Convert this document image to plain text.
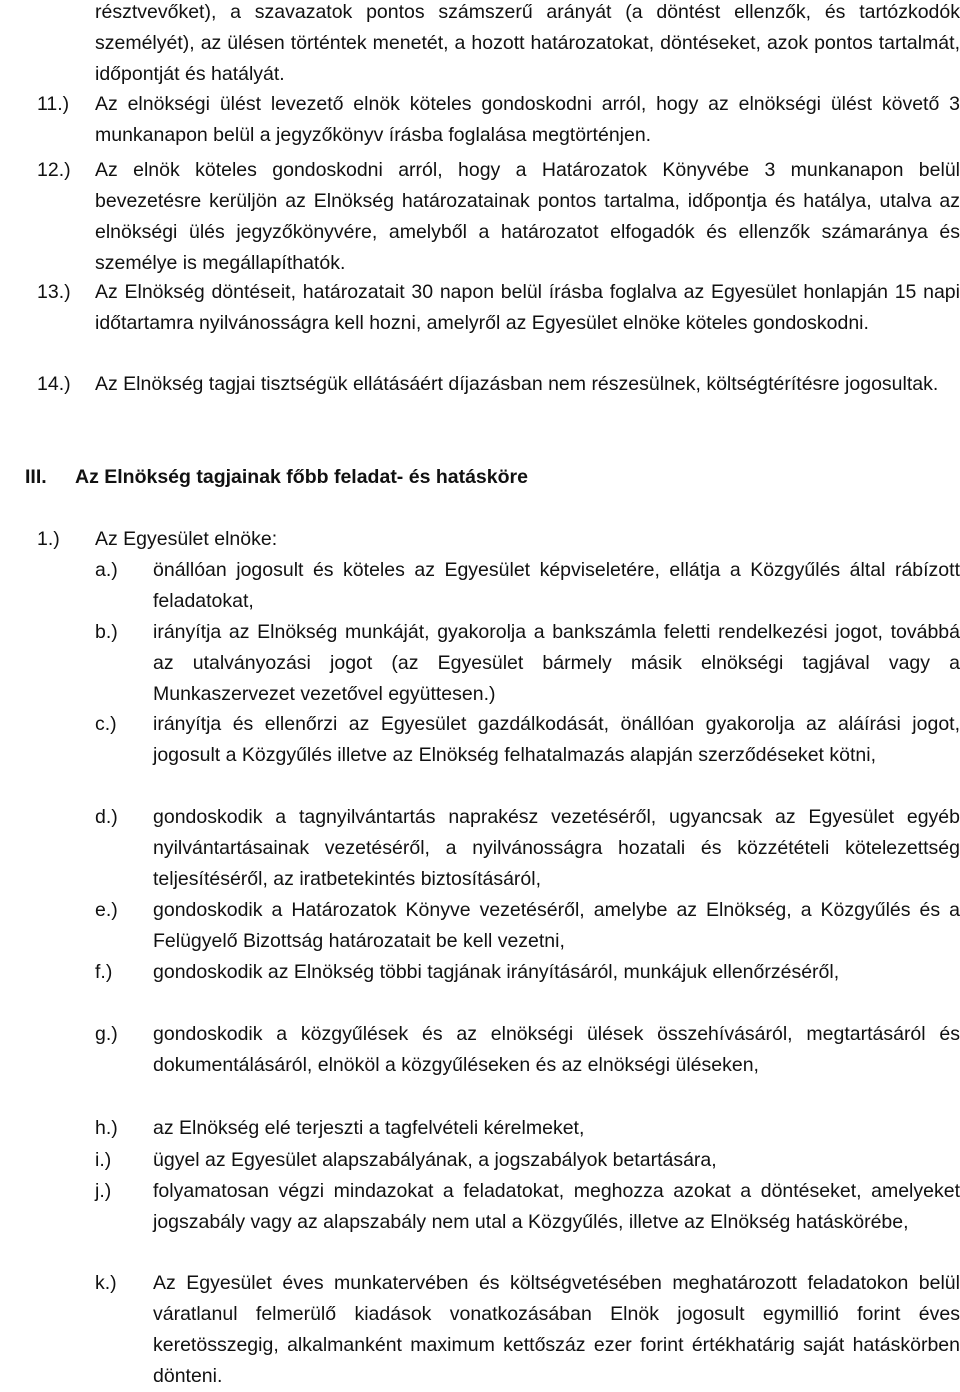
résztvevőket), a szavazatok pontos számszerű arányát (a döntést ellenzők, és tartózkodók személyét), az ülésen történtek menetét, a hozott határozatokat, döntéseket, azok pontos tartalmát, időpontját és hatályát.
11.) Az elnökségi ülést levezető elnök köteles gondoskodni arról, hogy az elnökségi ülést követő 3 munkanapon belül a jegyzőkönyv írásba foglalása megtörténjen.
12.) Az elnök köteles gondoskodni arról, hogy a Határozatok Könyvébe 3 munkanapon belül bevezetésre kerüljön az Elnökség határozatainak pontos tartalma, időpontja és hatálya, utalva az elnökségi ülés jegyzőkönyvére, amelyből a határozatot elfogadók és ellenzők számaránya és személye is megállapíthatók.
13.) Az Elnökség döntéseit, határozatait 30 napon belül írásba foglalva az Egyesület honlapján 15 napi időtartamra nyilvánosságra kell hozni, amelyről az Egyesület elnöke köteles gondoskodni.
14.) Az Elnökség tagjai tisztségük ellátásáért díjazásban nem részesülnek, költségtérítésre jogosultak.
III. Az Elnökség tagjainak főbb feladat- és hatásköre
1.) Az Egyesület elnöke:
a.) önállóan jogosult és köteles az Egyesület képviseletére, ellátja a Közgyűlés által rábízott feladatokat,
b.) irányítja az Elnökség munkáját, gyakorolja a bankszámla feletti rendelkezési jogot, továbbá az utalványozási jogot (az Egyesület bármely másik elnökségi tagjával vagy a Munkaszervezet vezetővel együttesen.)
c.) irányítja és ellenőrzi az Egyesület gazdálkodását, önállóan gyakorolja az aláírási jogot, jogosult a Közgyűlés illetve az Elnökség felhatalmazás alapján szerződéseket kötni,
d.) gondoskodik a tagnyilvántartás naprakész vezetéséről, ugyancsak az Egyesület egyéb nyilvántartásainak vezetéséről, a nyilvánosságra hozatali és közzétételi kötelezettség teljesítéséről, az iratbetekintés biztosításáról,
e.) gondoskodik a Határozatok Könyve vezetéséről, amelybe az Elnökség, a Közgyűlés és a Felügyelő Bizottság határozatait be kell vezetni,
f.) gondoskodik az Elnökség többi tagjának irányításáról, munkájuk ellenőrzéséről,
g.) gondoskodik a közgyűlések és az elnökségi ülések összehívásáról, megtartásáról és dokumentálásáról, elnököl a közgyűléseken és az elnökségi üléseken,
h.) az Elnökség elé terjeszti a tagfelvételi kérelmeket,
i.) ügyel az Egyesület alapszabályának, a jogszabályok betartására,
j.) folyamatosan végzi mindazokat a feladatokat, meghozza azokat a döntéseket, amelyeket jogszabály vagy az alapszabály nem utal a Közgyűlés, illetve az Elnökség hatáskörébe,
k.) Az Egyesület éves munkatervében és költségvetésében meghatározott feladatokon belül váratlanul felmerülő kiadások vonatkozásában Elnök jogosult egymillió forint éves keretösszegig, alkalmanként maximum kettőszáz ezer forint értékhatárig saját hatáskörben dönteni.
